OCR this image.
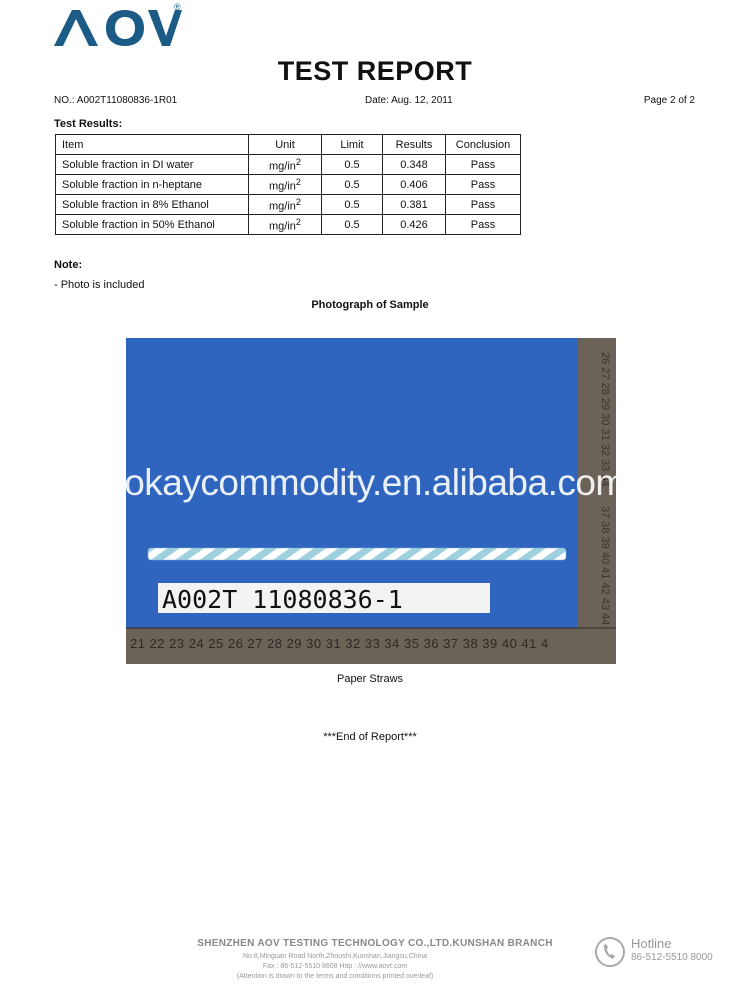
®
TEST REPORT
NO.: A002T11080836-1R01	Date: Aug. 12, 2011	Page 2 of 2
Test Results:
Item	Unit	Limit	Results	Conclusion
Soluble fraction in DI water	$mg/in^2$	0.5	0.348	Pass
Soluble fraction in n-heptane	$mg/in^2$	0.5	0.406	Pass
Soluble fraction in 8% Ethanol	$mg/in^2$	0.5	0.381	Pass
Soluble fraction in 50% Ethanol	$mg/in^2$	0.5	0.426	Pass
Note:
- Photo is included
Photograph of Sample
26 27 28 29 30 31 32 33 34
37 38 39 40 41 42 43 44
21 22 23 24 25 26 27 28 29 30 31 32 33 34 35 36 37 38 39 40 41 4
A002T 11080836-1
okaycommodity.en.alibaba.com
Paper Straws
***End of Report***
SHENZHEN AOV TESTING TECHNOLOGY CO.,LTD.KUNSHAN BRANCH
No.8,Minguan Road North,Zhoushi,Kunshan,Jiangsu,China
Fax : 86-512-5510 8608 Http : //www.aovt.com
(Attention is drawn to the terms and conditions printed overleaf)
Hotline
86-512-5510 8000
